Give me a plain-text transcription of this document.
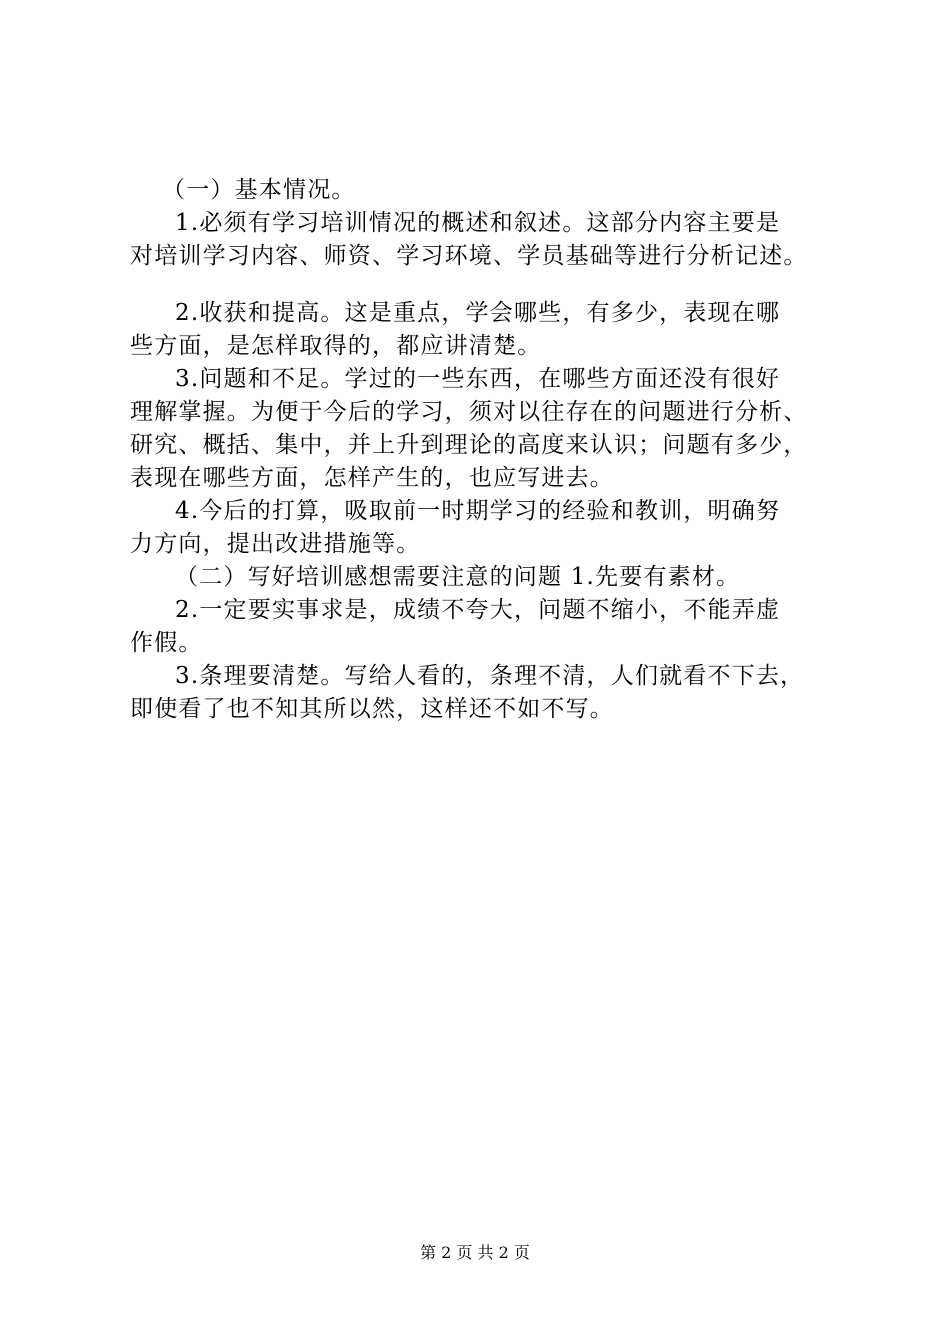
（一）基本情况。
1.必须有学习培训情况的概述和叙述。这部分内容主要是
对培训学习内容、师资、学习环境、学员基础等进行分析记述。
2.收获和提高。这是重点，学会哪些，有多少，表现在哪
些方面，是怎样取得的，都应讲清楚。
3.问题和不足。学过的一些东西，在哪些方面还没有很好
理解掌握。为便于今后的学习，须对以往存在的问题进行分析、
研究、概括、集中，并上升到理论的高度来认识；问题有多少，
表现在哪些方面，怎样产生的，也应写进去。
4.今后的打算，吸取前一时期学习的经验和教训，明确努
力方向，提出改进措施等。
（二）写好培训感想需要注意的问题 1.先要有素材。
2.一定要实事求是，成绩不夸大，问题不缩小，不能弄虚
作假。
3.条理要清楚。写给人看的，条理不清，人们就看不下去，
即使看了也不知其所以然，这样还不如不写。
第 2 页 共 2 页
